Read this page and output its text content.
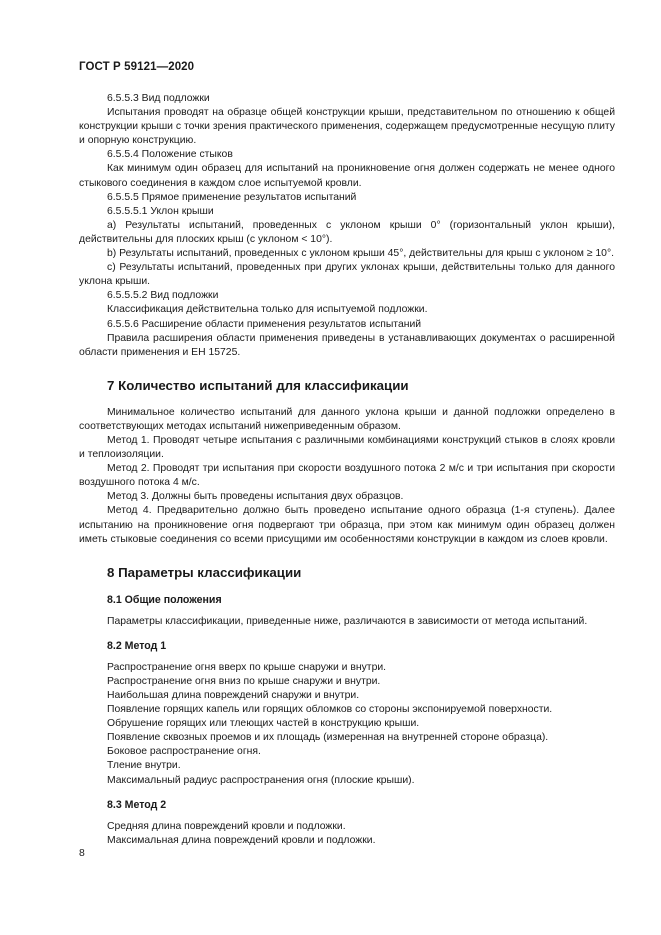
ГОСТ Р 59121—2020

6.5.5.3 Вид подложки

Испытания проводят на образце общей конструкции крыши, представительном по отношению к общей конструкции крыши с точки зрения практического применения, содержащем предусмотренные несущую плиту и опорную конструкцию.

6.5.5.4 Положение стыков

Как минимум один образец для испытаний на проникновение огня должен содержать не менее одного стыкового соединения в каждом слое испытуемой кровли.

6.5.5.5 Прямое применение результатов испытаний

6.5.5.5.1 Уклон крыши

а) Результаты испытаний, проведенных с уклоном крыши 0° (горизонтальный уклон крыши), действительны для плоских крыш (с уклоном < 10°).

b) Результаты испытаний, проведенных с уклоном крыши 45°, действительны для крыш с уклоном ≥ 10°.

c) Результаты испытаний, проведенных при других уклонах крыши, действительны только для данного уклона крыши.

6.5.5.5.2 Вид подложки

Классификация действительна только для испытуемой подложки.

6.5.5.6 Расширение области применения результатов испытаний

Правила расширения области применения приведены в устанавливающих документах о расширенной области применения и ЕН 15725.

7 Количество испытаний для классификации

Минимальное количество испытаний для данного уклона крыши и данной подложки определено в соответствующих методах испытаний нижеприведенным образом.

Метод 1. Проводят четыре испытания с различными комбинациями конструкций стыков в слоях кровли и теплоизоляции.

Метод 2. Проводят три испытания при скорости воздушного потока 2 м/с и три испытания при скорости воздушного потока 4 м/с.

Метод 3. Должны быть проведены испытания двух образцов.

Метод 4. Предварительно должно быть проведено испытание одного образца (1-я ступень). Далее испытанию на проникновение огня подвергают три образца, при этом как минимум один образец должен иметь стыковые соединения со всеми присущими им особенностями конструкции в каждом из слоев кровли.

8 Параметры классификации
8.1 Общие положения

Параметры классификации, приведенные ниже, различаются в зависимости от метода испытаний.

8.2 Метод 1

Распространение огня вверх по крыше снаружи и внутри.

Распространение огня вниз по крыше снаружи и внутри.

Наибольшая длина повреждений снаружи и внутри.

Появление горящих капель или горящих обломков со стороны экспонируемой поверхности.

Обрушение горящих или тлеющих частей в конструкцию крыши.

Появление сквозных проемов и их площадь (измеренная на внутренней стороне образца).

Боковое распространение огня.

Тление внутри.

Максимальный радиус распространения огня (плоские крыши).

8.3 Метод 2

Средняя длина повреждений кровли и подложки.

Максимальная длина повреждений кровли и подложки.

8
